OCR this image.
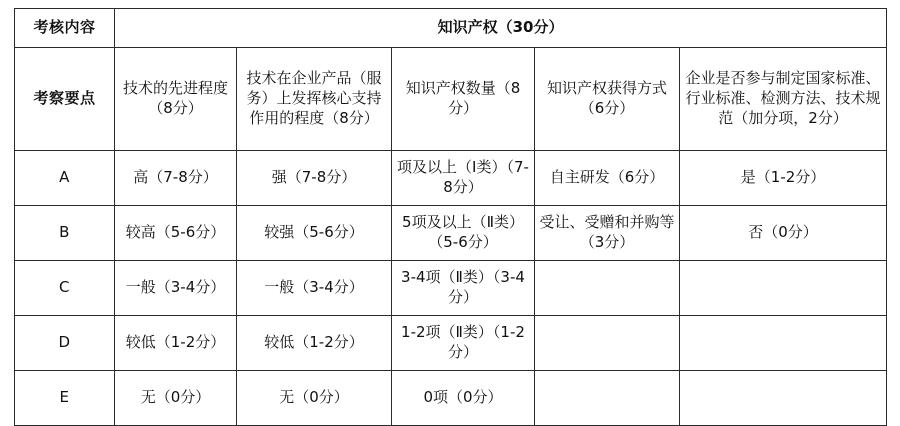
考核内容	知识产权（30分）				
考察要点	技术的先进程度（8分）	技术在企业产品（服务）上发挥核心支持作用的程度（8分）	知识产权数量（8分）	知识产权获得方式（6分）	企业是否参与制定国家标准、行业标准、检测方法、技术规范（加分项，2分）
A	高（7-8分）	强（7-8分）	项及以上（Ⅰ类）（7-8分）	自主研发（6分）	是（1-2分）
B	较高（5-6分）	较强（5-6分）	5项及以上（Ⅱ类）（5-6分）	受让、受赠和并购等（3分）	否（0分）
C	一般（3-4分）	一般（3-4分）	3-4项（Ⅱ类）（3-4分）		
D	较低（1-2分）	较低（1-2分）	1-2项（Ⅱ类）（1-2分）		
E	无（0分）	无（0分）	0项（0分）		
